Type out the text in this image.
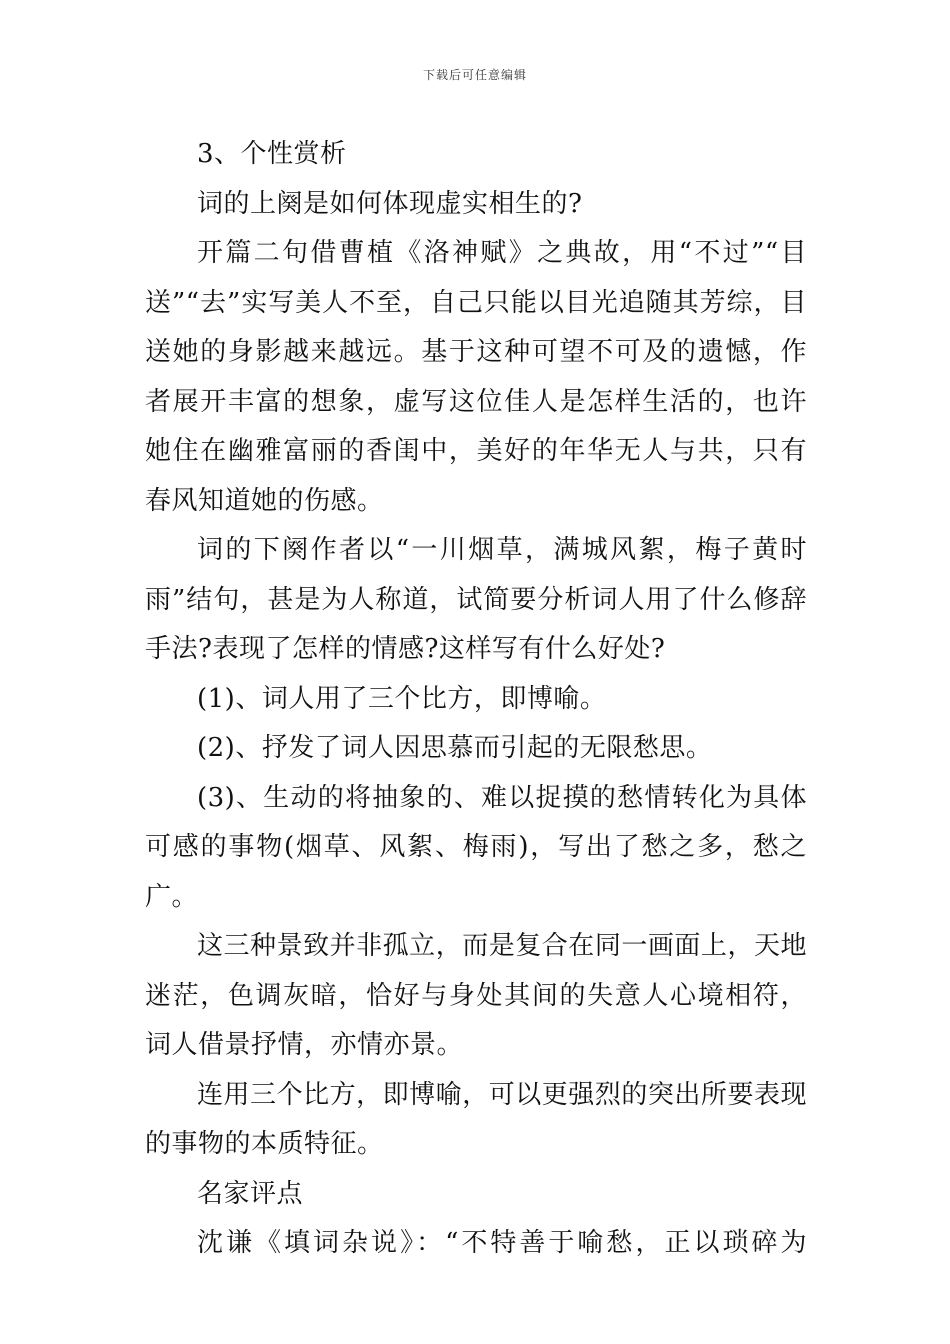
下载后可任意编辑

3、个性赏析

词的上阕是如何体现虚实相生的?

开篇二句借曹植《洛神赋》之典故，用“不过”“目送”“去”实写美人不至，自己只能以目光追随其芳综，目送她的身影越来越远。基于这种可望不可及的遗憾，作者展开丰富的想象，虚写这位佳人是怎样生活的，也许她住在幽雅富丽的香闺中，美好的年华无人与共，只有春风知道她的伤感。

词的下阕作者以“一川烟草，满城风絮，梅子黄时雨”结句，甚是为人称道，试简要分析词人用了什么修辞手法?表现了怎样的情感?这样写有什么好处?

(1)、词人用了三个比方，即博喻。

(2)、抒发了词人因思慕而引起的无限愁思。

(3)、生动的将抽象的、难以捉摸的愁情转化为具体可感的事物(烟草、风絮、梅雨)，写出了愁之多，愁之广。

这三种景致并非孤立，而是复合在同一画面上，天地迷茫，色调灰暗，恰好与身处其间的失意人心境相符，词人借景抒情，亦情亦景。

连用三个比方，即博喻，可以更强烈的突出所要表现的事物的本质特征。

名家评点

沈谦《填词杂说》：“不特善于喻愁，正以琐碎为
